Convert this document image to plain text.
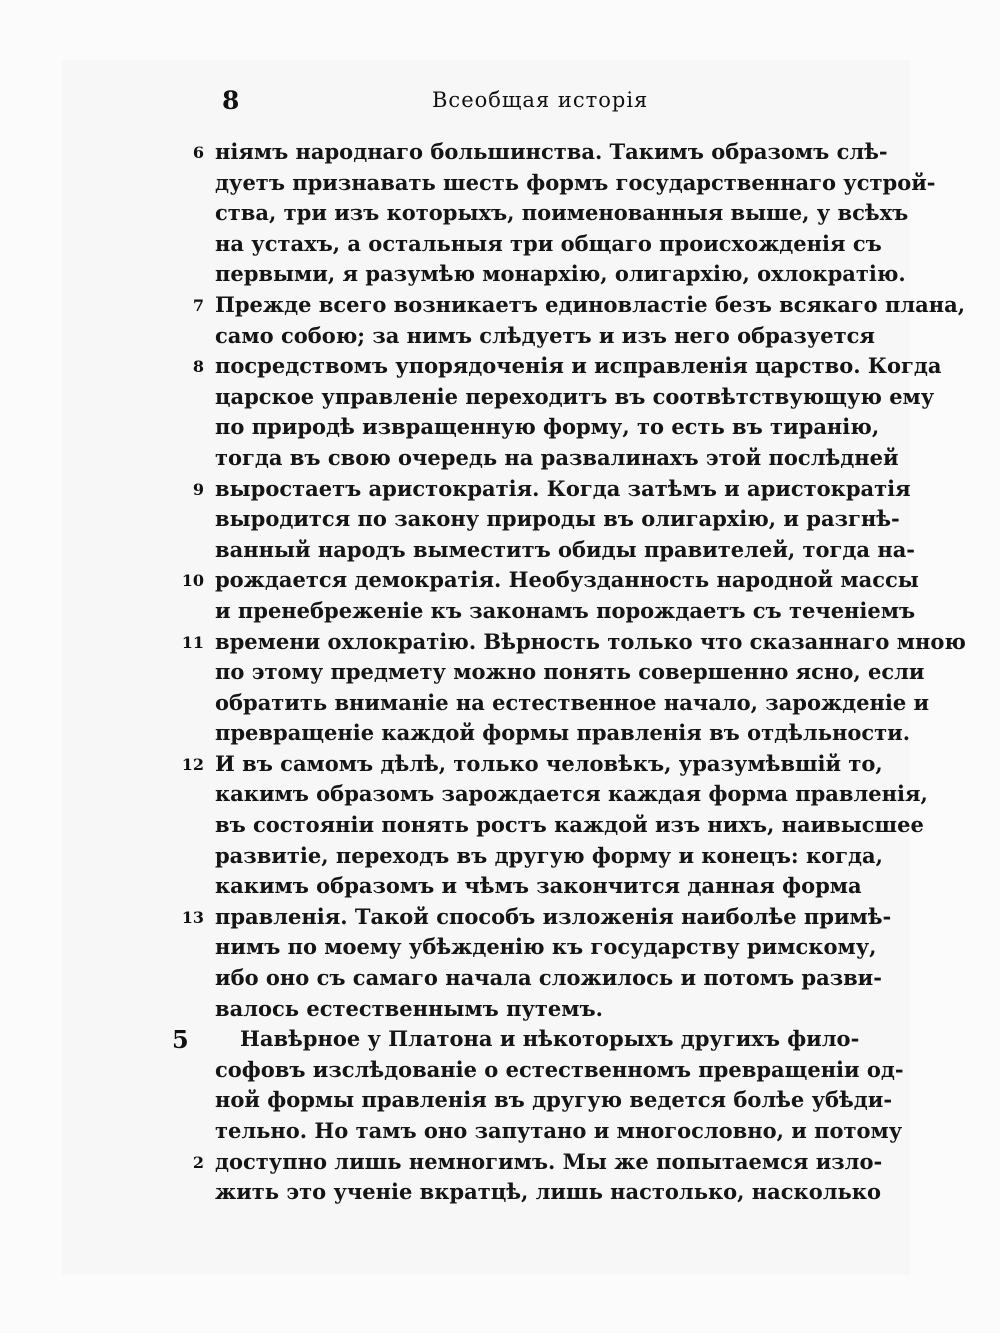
8	Всеобщая исторія
6 ніямъ народнаго большинства. Такимъ образомъ слѣ-
дуетъ признавать шесть формъ государственнаго устрой-
ства, три изъ которыхъ, поименованныя выше, у всѣхъ
на устахъ, а остальныя три общаго происхожденія съ
первыми, я разумѣю монархію, олигархію, охлократію.
7 Прежде всего возникаетъ единовластіе безъ всякаго плана,
само собою; за нимъ слѣдуетъ и изъ него образуется
8 посредствомъ упорядоченія и исправленія царство. Когда
царское управленіе переходитъ въ соотвѣтствующую ему
по природѣ извращенную форму, то есть въ тиранію,
тогда въ свою очередь на развалинахъ этой послѣдней
9 выростаетъ аристократія. Когда затѣмъ и аристократія
выродится по закону природы въ олигархію, и разгнѣ-
ванный народъ выместитъ обиды правителей, тогда на-
10 рождается демократія. Необузданность народной массы
и пренебреженіе къ законамъ порождаетъ съ теченіемъ
11 времени охлократію. Вѣрность только что сказаннаго мною
по этому предмету можно понять совершенно ясно, если
обратить вниманіе на естественное начало, зарожденіе и
превращеніе каждой формы правленія въ отдѣльности.
12 И въ самомъ дѣлѣ, только человѣкъ, уразумѣвшій то,
какимъ образомъ зарождается каждая форма правленія,
въ состояніи понять ростъ каждой изъ нихъ, наивысшее
развитіе, переходъ въ другую форму и конецъ: когда,
какимъ образомъ и чѣмъ закончится данная форма
13 правленія. Такой способъ изложенія наиболѣе примѣ-
нимъ по моему убѣжденію къ государству римскому,
ибо оно съ самаго начала сложилось и потомъ разви-
валось естественнымъ путемъ.
5	Навѣрное у Платона и нѣкоторыхъ другихъ фило-
софовъ изслѣдованіе о естественномъ превращеніи од-
ной формы правленія въ другую ведется болѣе убѣди-
тельно. Но тамъ оно запутано и многословно, и потому
2 доступно лишь немногимъ. Мы же попытаемся изло-
жить это ученіе вкратцѣ, лишь настолько, насколько
